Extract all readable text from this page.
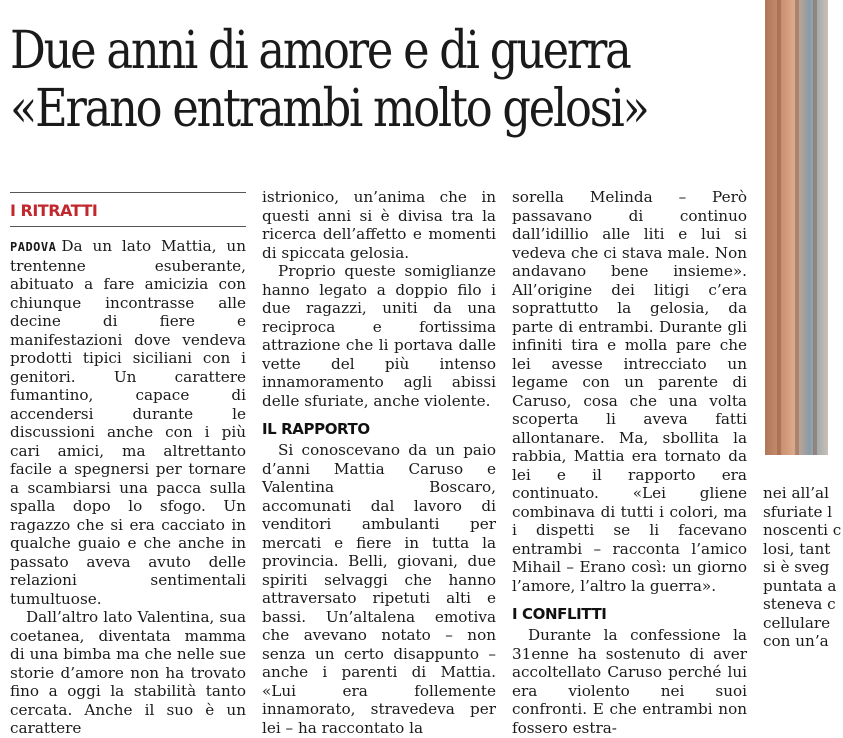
Due anni di amore e di guerra
«Erano entrambi molto gelosi»
I RITRATTI

PADOVA Da un lato Mattia, un trentenne esuberante, abituato a fare amicizia con chiunque incontrasse alle decine di fiere e manifestazioni dove vendeva prodotti tipici siciliani con i genitori. Un carattere fumantino, capace di accendersi durante le discussioni anche con i più cari amici, ma altrettanto facile a spegnersi per tornare a scambiarsi una pacca sulla spalla dopo lo sfogo. Un ragazzo che si era cacciato in qualche guaio e che anche in passato aveva avuto delle relazioni sentimentali tumultuose.

Dall’altro lato Valentina, sua coetanea, diventata mamma di una bimba ma che nelle sue storie d’amore non ha trovato fino a oggi la stabilità tanto cercata. Anche il suo è un carattere

istrionico, un’anima che in questi anni si è divisa tra la ricerca dell’affetto e momenti di spiccata gelosia.

Proprio queste somiglianze hanno legato a doppio filo i due ragazzi, uniti da una reciproca e fortissima attrazione che li portava dalle vette del più intenso innamoramento agli abissi delle sfuriate, anche violente.

IL RAPPORTO

Si conoscevano da un paio d’anni Mattia Caruso e Valentina Boscaro, accomunati dal lavoro di venditori ambulanti per mercati e fiere in tutta la provincia. Belli, giovani, due spiriti selvaggi che hanno attraversato ripetuti alti e bassi. Un’altalena emotiva che avevano notato – non senza un certo disappunto – anche i parenti di Mattia. «Lui era follemente innamorato, stravedeva per lei – ha raccontato la

sorella Melinda – Però passavano di continuo dall’idillio alle liti e lui si vedeva che ci stava male. Non andavano bene insieme». All’origine dei litigi c’era soprattutto la gelosia, da parte di entrambi. Durante gli infiniti tira e molla pare che lei avesse intrecciato un legame con un parente di Caruso, cosa che una volta scoperta li aveva fatti allontanare. Ma, sbollita la rabbia, Mattia era tornato da lei e il rapporto era continuato. «Lei gliene combinava di tutti i colori, ma i dispetti se li facevano entrambi – racconta l’amico Mihail – Erano così: un giorno l’amore, l’altro la guerra».

I CONFLITTI

Durante la confessione la 31enne ha sostenuto di aver accoltellato Caruso perché lui era violento nei suoi confronti. E che entrambi non fossero estra-

nei all’al
sfuriate l
noscenti c
losi, tant
si è sveg
puntata a
steneva c
cellulare
con un’a
